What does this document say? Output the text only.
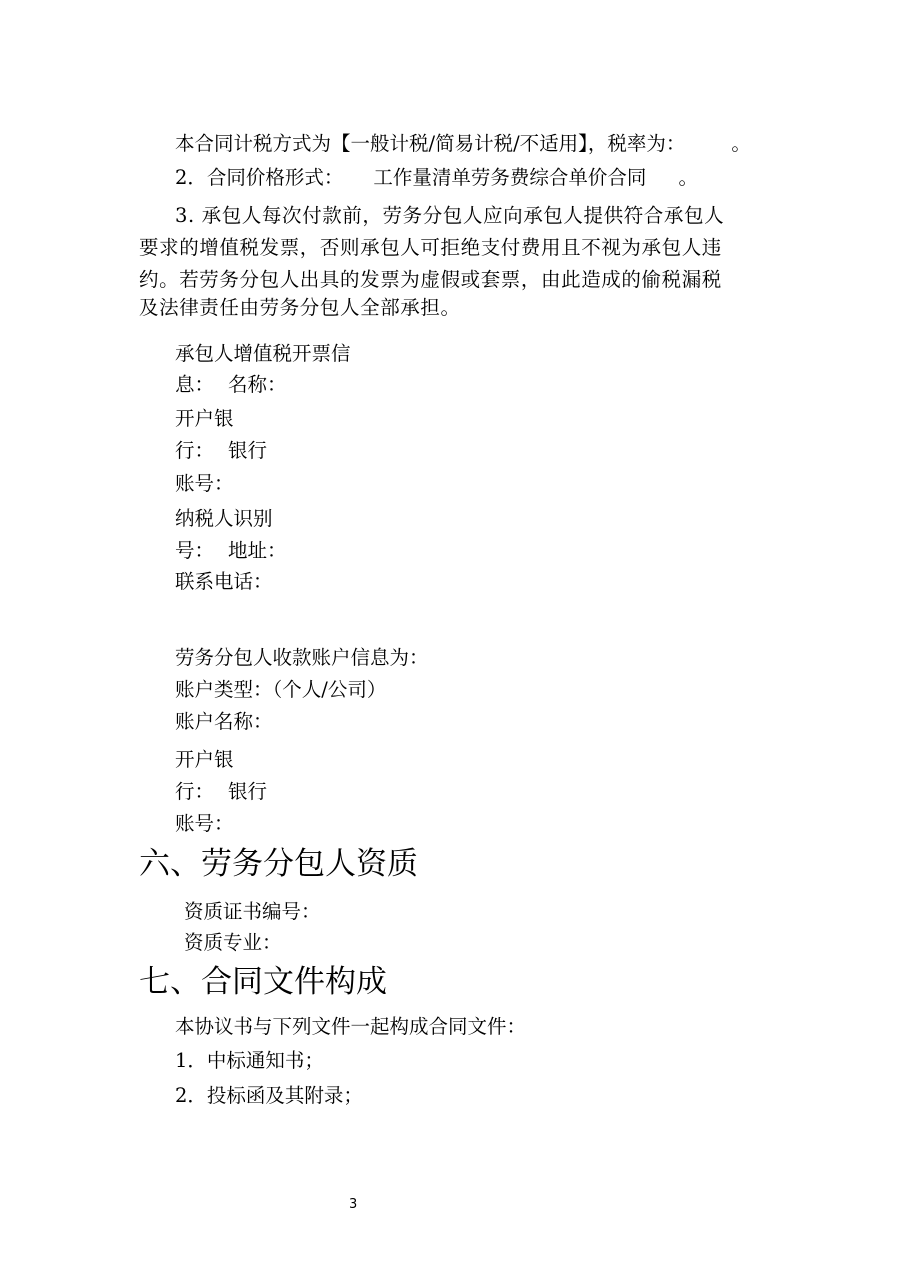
本合同计税方式为【一般计税/简易计税/不适用】，税率为： 。
2．合同价格形式： 工作量清单劳务费综合单价合同 。
3. 承包人每次付款前，劳务分包人应向承包人提供符合承包人
要求的增值税发票，否则承包人可拒绝支付费用且不视为承包人违
约。若劳务分包人出具的发票为虚假或套票，由此造成的偷税漏税
及法律责任由劳务分包人全部承担。
承包人增值税开票信
息： 名称：
开户银
行： 银行
账号：
纳税人识别
号： 地址：
联系电话：
劳务分包人收款账户信息为：
账户类型：（个人/公司）
账户名称：
开户银
行： 银行
账号：
六、劳务分包人资质
资质证书编号：
资质专业：
七、合同文件构成
本协议书与下列文件一起构成合同文件：
1．中标通知书；
2．投标函及其附录；
3
